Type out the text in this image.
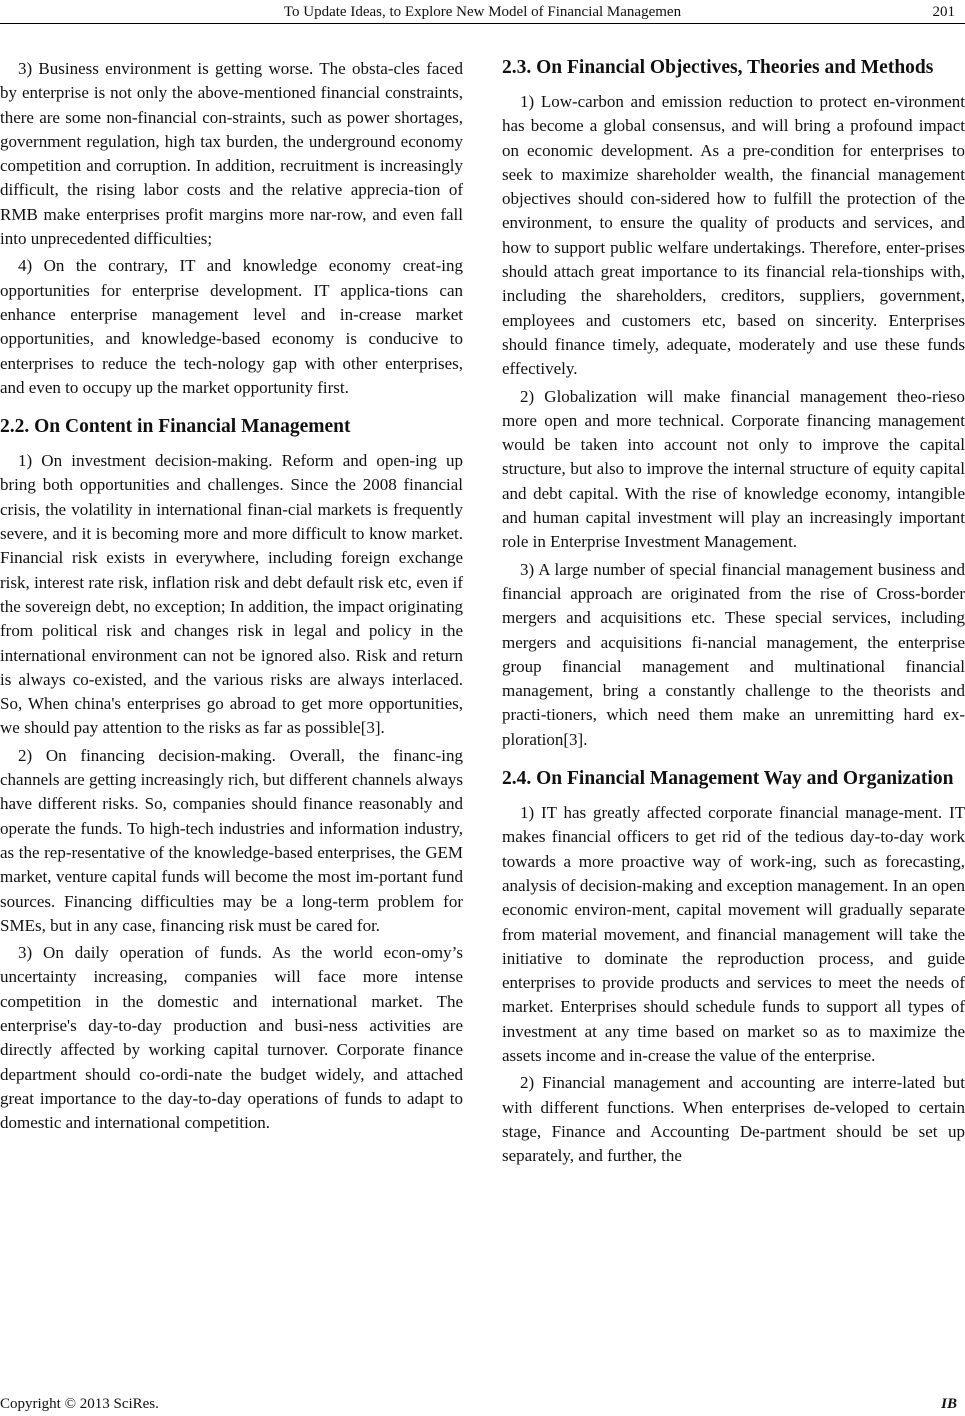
To Update Ideas, to Explore New Model of Financial Managemen	201

3) Business environment is getting worse. The obsta-cles faced by enterprise is not only the above-mentioned financial constraints, there are some non-financial con-straints, such as power shortages, government regulation, high tax burden, the underground economy competition and corruption. In addition, recruitment is increasingly difficult, the rising labor costs and the relative apprecia-tion of RMB make enterprises profit margins more nar-row, and even fall into unprecedented difficulties;

4) On the contrary, IT and knowledge economy creat-ing opportunities for enterprise development. IT applica-tions can enhance enterprise management level and in-crease market opportunities, and knowledge-based economy is conducive to enterprises to reduce the tech-nology gap with other enterprises, and even to occupy up the market opportunity first.

2.2. On Content in Financial Management

1) On investment decision-making. Reform and open-ing up bring both opportunities and challenges. Since the 2008 financial crisis, the volatility in international finan-cial markets is frequently severe, and it is becoming more and more difficult to know market. Financial risk exists in everywhere, including foreign exchange risk, interest rate risk, inflation risk and debt default risk etc, even if the sovereign debt, no exception; In addition, the impact originating from political risk and changes risk in legal and policy in the international environment can not be ignored also. Risk and return is always co-existed, and the various risks are always interlaced. So, When china's enterprises go abroad to get more opportunities, we should pay attention to the risks as far as possible[3].

2) On financing decision-making. Overall, the financ-ing channels are getting increasingly rich, but different channels always have different risks. So, companies should finance reasonably and operate the funds. To high-tech industries and information industry, as the rep-resentative of the knowledge-based enterprises, the GEM market, venture capital funds will become the most im-portant fund sources. Financing difficulties may be a long-term problem for SMEs, but in any case, financing risk must be cared for.

3) On daily operation of funds. As the world econ-omy’s uncertainty increasing, companies will face more intense competition in the domestic and international market. The enterprise's day-to-day production and busi-ness activities are directly affected by working capital turnover. Corporate finance department should co-ordi-nate the budget widely, and attached great importance to the day-to-day operations of funds to adapt to domestic and international competition.

2.3. On Financial Objectives, Theories and Methods

1) Low-carbon and emission reduction to protect en-vironment has become a global consensus, and will bring a profound impact on economic development. As a pre-condition for enterprises to seek to maximize shareholder wealth, the financial management objectives should con-sidered how to fulfill the protection of the environment, to ensure the quality of products and services, and how to support public welfare undertakings. Therefore, enter-prises should attach great importance to its financial rela-tionships with, including the shareholders, creditors, suppliers, government, employees and customers etc, based on sincerity. Enterprises should finance timely, adequate, moderately and use these funds effectively.

2) Globalization will make financial management theo-rieso more open and more technical. Corporate financing management would be taken into account not only to improve the capital structure, but also to improve the internal structure of equity capital and debt capital. With the rise of knowledge economy, intangible and human capital investment will play an increasingly important role in Enterprise Investment Management.

3) A large number of special financial management business and financial approach are originated from the rise of Cross-border mergers and acquisitions etc. These special services, including mergers and acquisitions fi-nancial management, the enterprise group financial management and multinational financial management, bring a constantly challenge to the theorists and practi-tioners, which need them make an unremitting hard ex-ploration[3].

2.4. On Financial Management Way and Organization

1) IT has greatly affected corporate financial manage-ment. IT makes financial officers to get rid of the tedious day-to-day work towards a more proactive way of work-ing, such as forecasting, analysis of decision-making and exception management. In an open economic environ-ment, capital movement will gradually separate from material movement, and financial management will take the initiative to dominate the reproduction process, and guide enterprises to provide products and services to meet the needs of market. Enterprises should schedule funds to support all types of investment at any time based on market so as to maximize the assets income and in-crease the value of the enterprise.

2) Financial management and accounting are interre-lated but with different functions. When enterprises de-veloped to certain stage, Finance and Accounting De-partment should be set up separately, and further, the

Copyright © 2013 SciRes.	IB
